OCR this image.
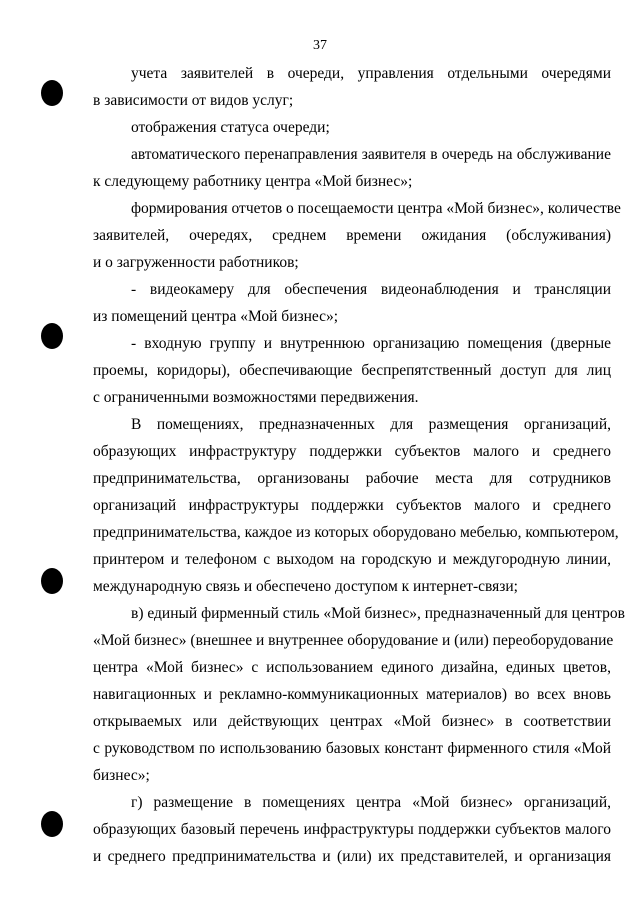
37
учета заявителей в очереди, управления отдельными очередями
в зависимости от видов услуг;
отображения статуса очереди;
автоматического перенаправления заявителя в очередь на обслуживание
к следующему работнику центра «Мой бизнес»;
формирования отчетов о посещаемости центра «Мой бизнес», количестве
заявителей, очередях, среднем времени ожидания (обслуживания)
и о загруженности работников;
- видеокамеру для обеспечения видеонаблюдения и трансляции
из помещений центра «Мой бизнес»;
- входную группу и внутреннюю организацию помещения (дверные
проемы, коридоры), обеспечивающие беспрепятственный доступ для лиц
с ограниченными возможностями передвижения.
В помещениях, предназначенных для размещения организаций,
образующих инфраструктуру поддержки субъектов малого и среднего
предпринимательства, организованы рабочие места для сотрудников
организаций инфраструктуры поддержки субъектов малого и среднего
предпринимательства, каждое из которых оборудовано мебелью, компьютером,
принтером и телефоном с выходом на городскую и междугородную линии,
международную связь и обеспечено доступом к интернет-связи;
в) единый фирменный стиль «Мой бизнес», предназначенный для центров
«Мой бизнес» (внешнее и внутреннее оборудование и (или) переоборудование
центра «Мой бизнес» с использованием единого дизайна, единых цветов,
навигационных и рекламно-коммуникационных материалов) во всех вновь
открываемых или действующих центрах «Мой бизнес» в соответствии
с руководством по использованию базовых констант фирменного стиля «Мой
бизнес»;
г) размещение в помещениях центра «Мой бизнес» организаций,
образующих базовый перечень инфраструктуры поддержки субъектов малого
и среднего предпринимательства и (или) их представителей, и организация
